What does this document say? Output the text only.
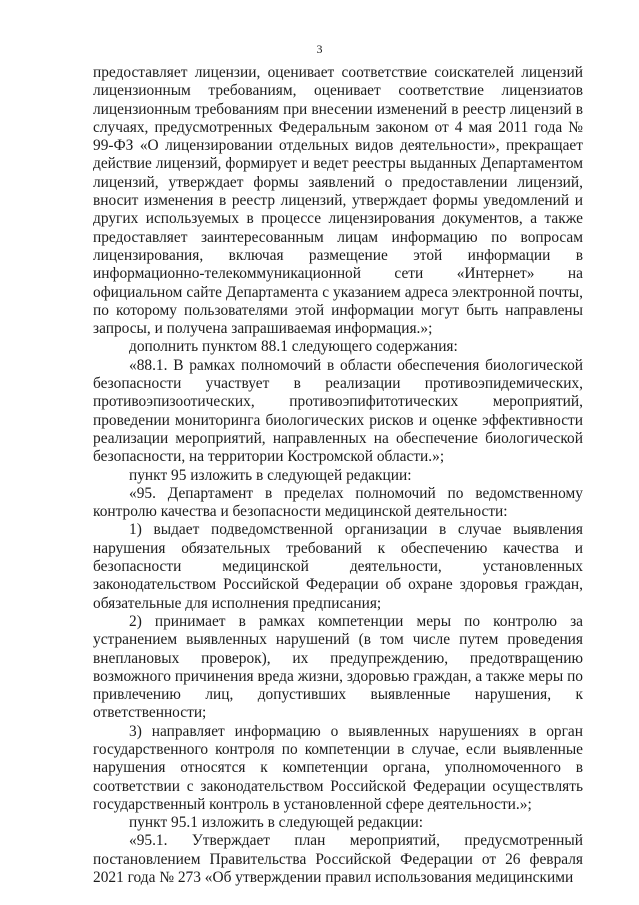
3

предоставляет лицензии, оценивает соответствие соискателей лицензий лицензионным требованиям, оценивает соответствие лицензиатов лицензионным требованиям при внесении изменений в реестр лицензий в случаях, предусмотренных Федеральным законом от 4 мая 2011 года № 99-ФЗ «О лицензировании отдельных видов деятельности», прекращает действие лицензий, формирует и ведет реестры выданных Департаментом лицензий, утверждает формы заявлений о предоставлении лицензий, вносит изменения в реестр лицензий, утверждает формы уведомлений и других используемых в процессе лицензирования документов, а также предоставляет заинтересованным лицам информацию по вопросам лицензирования, включая размещение этой информации в информационно-телекоммуникационной сети «Интернет» на официальном сайте Департамента с указанием адреса электронной почты, по которому пользователями этой информации могут быть направлены запросы, и получена запрашиваемая информация.»;

дополнить пунктом 88.1 следующего содержания:

«88.1. В рамках полномочий в области обеспечения биологической безопасности участвует в реализации противоэпидемических, противоэпизоотических, противоэпифитотических мероприятий, проведении мониторинга биологических рисков и оценке эффективности реализации мероприятий, направленных на обеспечение биологической безопасности, на территории Костромской области.»;

пункт 95 изложить в следующей редакции:

«95. Департамент в пределах полномочий по ведомственному контролю качества и безопасности медицинской деятельности:

1) выдает подведомственной организации в случае выявления нарушения обязательных требований к обеспечению качества и безопасности медицинской деятельности, установленных законодательством Российской Федерации об охране здоровья граждан, обязательные для исполнения предписания;

2) принимает в рамках компетенции меры по контролю за устранением выявленных нарушений (в том числе путем проведения внеплановых проверок), их предупреждению, предотвращению возможного причинения вреда жизни, здоровью граждан, а также меры по привлечению лиц, допустивших выявленные нарушения, к ответственности;

3) направляет информацию о выявленных нарушениях в орган государственного контроля по компетенции в случае, если выявленные нарушения относятся к компетенции органа, уполномоченного в соответствии с законодательством Российской Федерации осуществлять государственный контроль в установленной сфере деятельности.»;

пункт 95.1 изложить в следующей редакции:

«95.1. Утверждает план мероприятий, предусмотренный постановлением Правительства Российской Федерации от 26 февраля 2021 года № 273 «Об утверждении правил использования медицинскими
